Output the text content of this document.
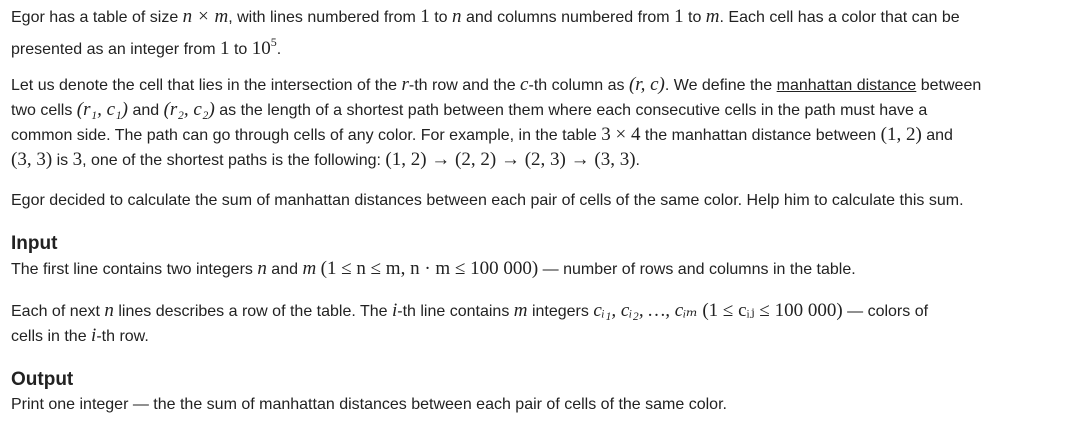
Egor has a table of size n × m, with lines numbered from 1 to n and columns numbered from 1 to m. Each cell has a color that can be
presented as an integer from 1 to $10^5$.
Let us denote the cell that lies in the intersection of the r-th row and the c-th column as (r, c). We define the manhattan distance between
two cells (r₁, c₁) and (r₂, c₂) as the length of a shortest path between them where each consecutive cells in the path must have a
common side. The path can go through cells of any color. For example, in the table 3 × 4 the manhattan distance between (1, 2) and
(3, 3) is 3, one of the shortest paths is the following: (1, 2) → (2, 2) → (2, 3) → (3, 3).
Egor decided to calculate the sum of manhattan distances between each pair of cells of the same color. Help him to calculate this sum.
Input
The first line contains two integers n and m (1 ≤ n ≤ m, n · m ≤ 100 000) — number of rows and columns in the table.
Each of next n lines describes a row of the table. The i-th line contains m integers cᵢ₁, cᵢ₂, …, cᵢₘ (1 ≤ cᵢⱼ ≤ 100 000) — colors of
cells in the i-th row.
Output
Print one integer — the the sum of manhattan distances between each pair of cells of the same color.
